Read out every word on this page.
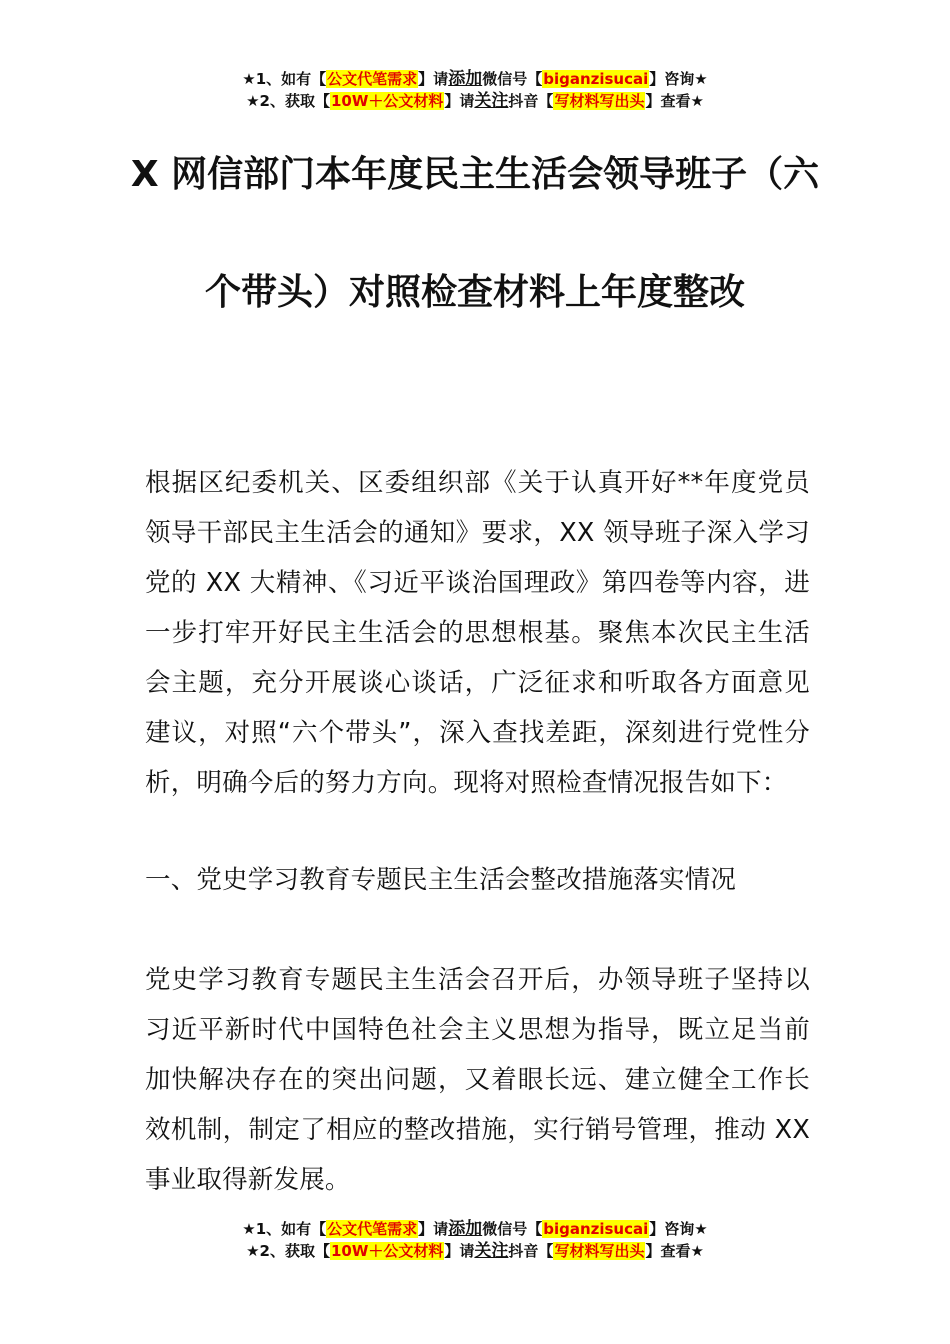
★1、如有【公文代笔需求】请添加微信号【biganzisucai】咨询★
★2、获取【10W＋公文材料】请关注抖音【写材料写出头】查看★
X 网信部门本年度民主生活会领导班子（六
个带头）对照检查材料上年度整改

根据区纪委机关、区委组织部《关于认真开好**年度党员领导干部民主生活会的通知》要求，XX 领导班子深入学习党的 XX 大精神、《习近平谈治国理政》第四卷等内容，进一步打牢开好民主生活会的思想根基。聚焦本次民主生活会主题，充分开展谈心谈话，广泛征求和听取各方面意见建议，对照“六个带头”，深入查找差距，深刻进行党性分析，明确今后的努力方向。现将对照检查情况报告如下：

一、党史学习教育专题民主生活会整改措施落实情况

党史学习教育专题民主生活会召开后，办领导班子坚持以习近平新时代中国特色社会主义思想为指导，既立足当前加快解决存在的突出问题，又着眼长远、建立健全工作长效机制，制定了相应的整改措施，实行销号管理，推动 XX 事业取得新发展。

★1、如有【公文代笔需求】请添加微信号【biganzisucai】咨询★
★2、获取【10W＋公文材料】请关注抖音【写材料写出头】查看★
